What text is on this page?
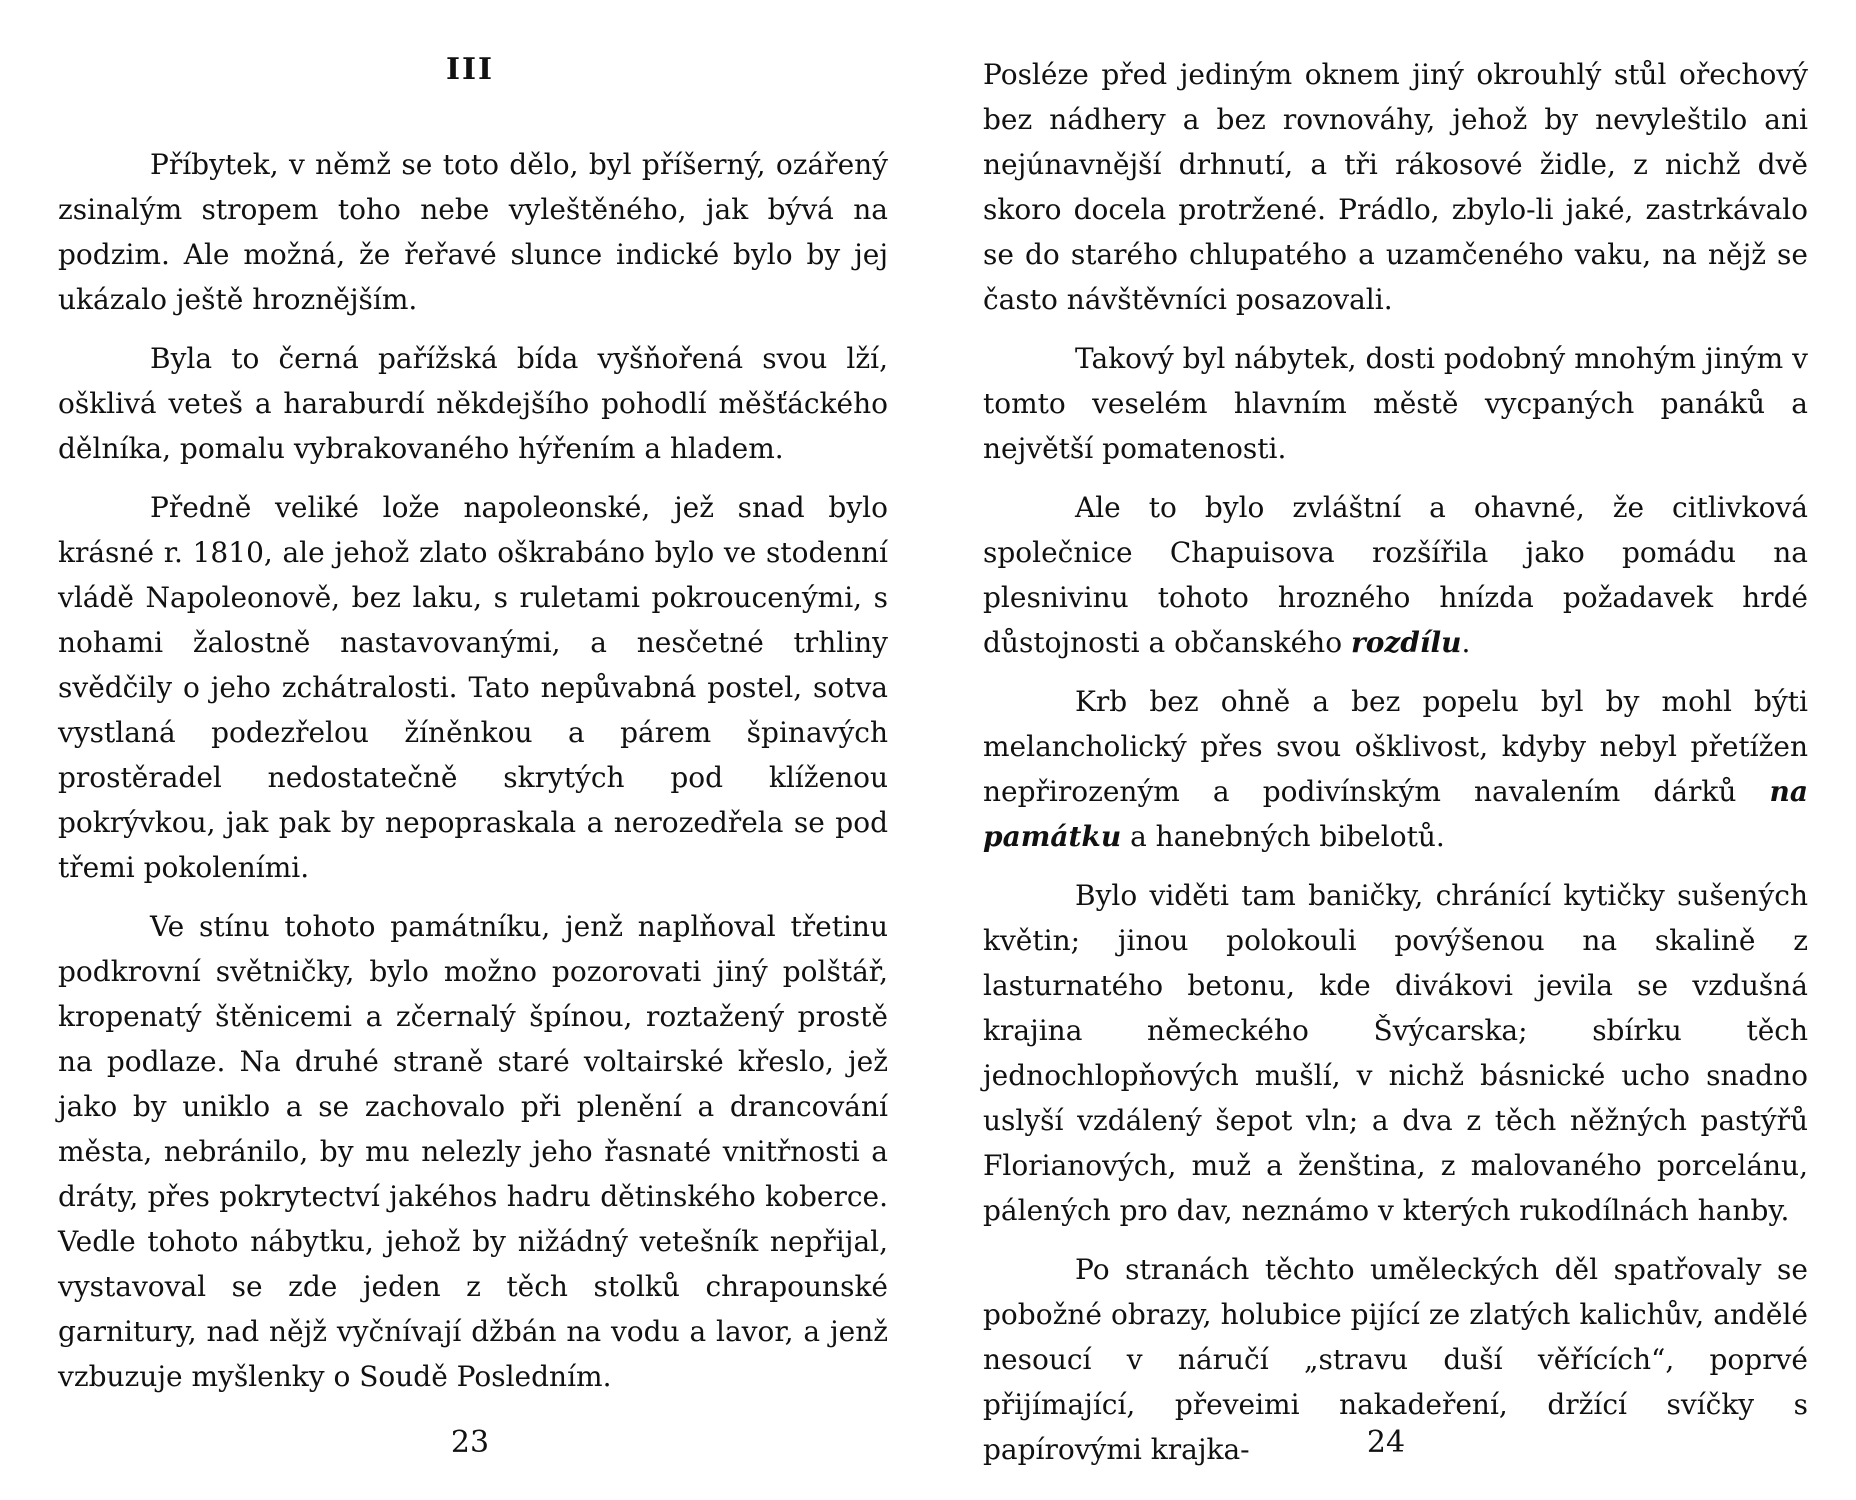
III

Příbytek, v němž se toto dělo, byl příšerný, ozářený zsinalým stropem toho nebe vyleštěného, jak bývá na podzim. Ale možná, že řeřavé slunce indické bylo by jej ukázalo ještě hroznějším.

Byla to černá pařížská bída vyšňořená svou lží, ošklivá veteš a haraburdí někdejšího pohodlí měšťáckého dělníka, pomalu vybrakovaného hýřením a hladem.

Předně veliké lože napoleonské, jež snad bylo krásné r. 1810, ale jehož zlato oškrabáno bylo ve stodenní vládě Napoleonově, bez laku, s ruletami pokroucenými, s nohami žalostně nastavovanými, a nesčetné trhliny svědčily o jeho zchátralosti. Tato nepůvabná postel, sotva vystlaná podezřelou žíněnkou a párem špinavých prostěradel nedostatečně skrytých pod klíženou pokrývkou, jak pak by nepopraskala a nerozedřela se pod třemi pokoleními.

Ve stínu tohoto památníku, jenž naplňoval třetinu podkrovní světničky, bylo možno pozorovati jiný polštář, kropenatý štěnicemi a zčernalý špínou, roztažený prostě na podlaze. Na druhé straně staré voltairské křeslo, jež jako by uniklo a se zachovalo při plenění a drancování města, nebránilo, by mu nelezly jeho řasnaté vnitřnosti a dráty, přes pokrytectví jakéhos hadru dětinského koberce. Vedle tohoto nábytku, jehož by nižádný vetešník nepřijal, vystavoval se zde jeden z těch stolků chrapounské garnitury, nad nějž vyčnívají džbán na vodu a lavor, a jenž vzbuzuje myšlenky o Soudě Posledním.

23

Posléze před jediným oknem jiný okrouhlý stůl ořechový bez nádhery a bez rovnováhy, jehož by nevyleštilo ani nejúnavnější drhnutí, a tři rákosové židle, z nichž dvě skoro docela protržené. Prádlo, zbylo-li jaké, zastrkávalo se do starého chlupatého a uzamčeného vaku, na nějž se často návštěvníci posazovali.

Takový byl nábytek, dosti podobný mnohým jiným v tomto veselém hlavním městě vycpaných panáků a největší pomatenosti.

Ale to bylo zvláštní a ohavné, že citlivková společnice Chapuisova rozšířila jako pomádu na plesnivinu tohoto hrozného hnízda požadavek hrdé důstojnosti a občanského rozdílu.

Krb bez ohně a bez popelu byl by mohl býti melancholický přes svou ošklivost, kdyby nebyl přetížen nepřirozeným a podivínským navalením dárků na památku a hanebných bibelotů.

Bylo viděti tam baničky, chránící kytičky sušených květin; jinou polokouli povýšenou na skalině z lasturnatého betonu, kde divákovi jevila se vzdušná krajina německého Švýcarska; sbírku těch jednochlopňových mušlí, v nichž básnické ucho snadno uslyší vzdálený šepot vln; a dva z těch něžných pastýřů Florianových, muž a ženština, z malovaného porcelánu, pálených pro dav, neznámo v kterých rukodílnách hanby.

Po stranách těchto uměleckých děl spatřovaly se pobožné obrazy, holubice pijící ze zlatých kalichův, andělé nesoucí v náručí „stravu duší věřících“, poprvé přijímající, převeimi nakadeření, držící svíčky s papírovými krajka-	24
